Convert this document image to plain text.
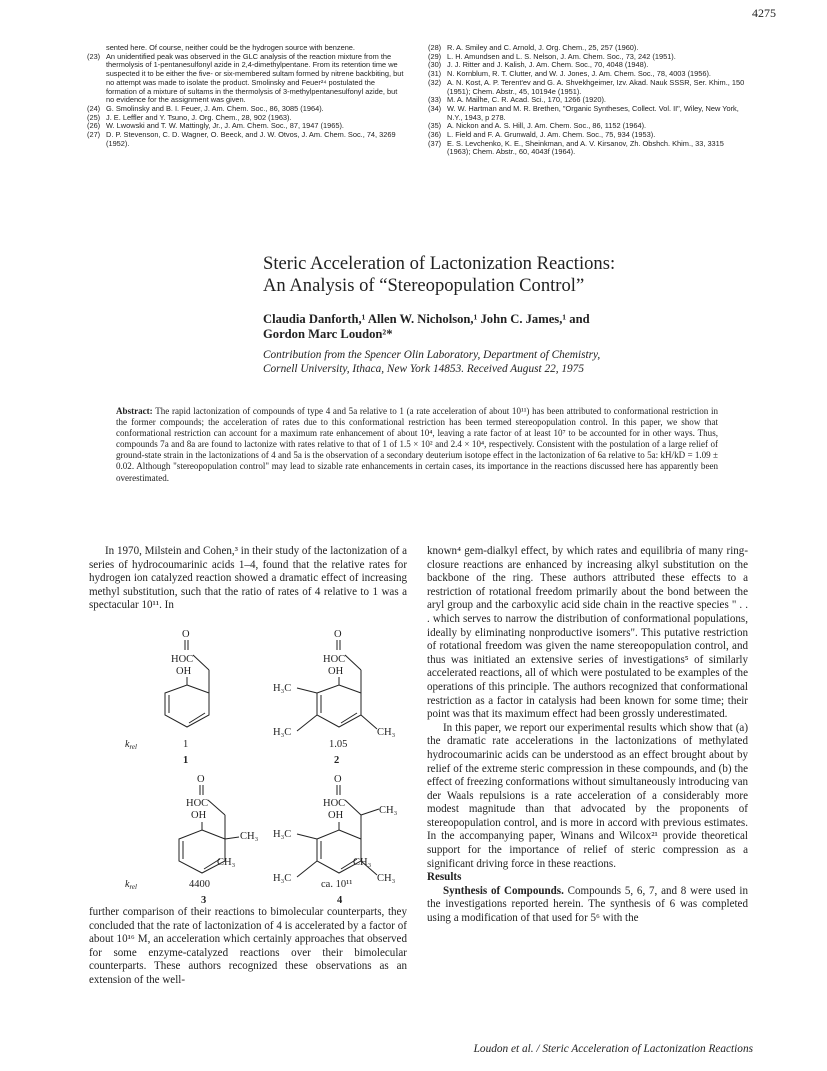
4275
sented here. Of course, neither could be the hydrogen source with benzene.
(23) An unidentified peak was observed in the GLC analysis of the reaction mixture from the thermolysis of 1-pentanesulfonyl azide in 2,4-dimethylpentane. From its retention time we suspected it to be either the five- or six-membered sultam formed by nitrene backbiting, but no attempt was made to isolate the product. Smolinsky and Feuer²⁴ postulated the formation of a mixture of sultams in the thermolysis of 3-methylpentanesulfonyl azide, but no evidence for the assignment was given.
(24) G. Smolinsky and B. I. Feuer, J. Am. Chem. Soc., 86, 3085 (1964).
(25) J. E. Leffler and Y. Tsuno, J. Org. Chem., 28, 902 (1963).
(26) W. Lwowski and T. W. Mattingly, Jr., J. Am. Chem. Soc., 87, 1947 (1965).
(27) D. P. Stevenson, C. D. Wagner, O. Beeck, and J. W. Otvos, J. Am. Chem. Soc., 74, 3269 (1952).
(28) R. A. Smiley and C. Arnold, J. Org. Chem., 25, 257 (1960).
(29) L. H. Amundsen and L. S. Nelson, J. Am. Chem. Soc., 73, 242 (1951).
(30) J. J. Ritter and J. Kalish, J. Am. Chem. Soc., 70, 4048 (1948).
(31) N. Kornblum, R. T. Clutter, and W. J. Jones, J. Am. Chem. Soc., 78, 4003 (1956).
(32) A. N. Kost, A. P. Terent'ev and G. A. Shvekhgeimer, Izv. Akad. Nauk SSSR, Ser. Khim., 150 (1951); Chem. Abstr., 45, 10194e (1951).
(33) M. A. Mailhe, C. R. Acad. Sci., 170, 1266 (1920).
(34) W. W. Hartman and M. R. Brethen, "Organic Syntheses, Collect. Vol. II", Wiley, New York, N.Y., 1943, p 278.
(35) A. Nickon and A. S. Hill, J. Am. Chem. Soc., 86, 1152 (1964).
(36) L. Field and F. A. Grunwald, J. Am. Chem. Soc., 75, 934 (1953).
(37) E. S. Levchenko, K. E., Sheinkman, and A. V. Kirsanov, Zh. Obshch. Khim., 33, 3315 (1963); Chem. Abstr., 60, 4043f (1964).
Steric Acceleration of Lactonization Reactions:
An Analysis of “Stereopopulation Control”
Claudia Danforth,¹ Allen W. Nicholson,¹ John C. James,¹ and
Gordon Marc Loudon²*
Contribution from the Spencer Olin Laboratory, Department of Chemistry,
Cornell University, Ithaca, New York 14853. Received August 22, 1975
Abstract: The rapid lactonization of compounds of type 4 and 5a relative to 1 (a rate acceleration of about 10¹¹) has been attributed to conformational restriction in the former compounds; the acceleration of rates due to this conformational restriction has been termed stereopopulation control. In this paper, we show that conformational restriction can account for a maximum rate enhancement of about 10⁴, leaving a rate factor of at least 10⁷ to be accounted for in other ways. Thus, compounds 7a and 8a are found to lactonize with rates relative to that of 1 of 1.5 × 10² and 2.4 × 10⁴, respectively. Consistent with the postulation of a large relief of ground-state strain in the lactonizations of 4 and 5a is the observation of a secondary deuterium isotope effect in the lactonization of 6a relative to 5a: kH/kD = 1.09 ± 0.02. Although "stereopopulation control" may lead to sizable rate enhancements in certain cases, its importance in the reactions discussed here has apparently been overestimated.

In 1970, Milstein and Cohen,³ in their study of the lactonization of a series of hydrocoumarinic acids 1–4, found that the relative rates for hydrogen ion catalyzed reaction showed a dramatic effect of increasing methyl substitution, such that the ratio of rates of 4 relative to 1 was a spectacular 10¹¹. In

O
HOC
OH
O
HOC
OH
H₃C
H₃C	CH₃
$k_{rel}$	1	1.05
1	2
O
HOC
OH
CH₃
CH₃
O
HOC
OH	CH₃
CH₃
H₃C
H₃C	CH₃
$k_{rel}$	4400	ca. 10¹¹
3	4

further comparison of their reactions to bimolecular counterparts, they concluded that the rate of lactonization of 4 is accelerated by a factor of about 10¹⁶ M, an acceleration which certainly approaches that observed for some enzyme-catalyzed reactions over their bimolecular counterparts. These authors recognized these observations as an extension of the well-

known⁴ gem-dialkyl effect, by which rates and equilibria of many ring-closure reactions are enhanced by increasing alkyl substitution on the backbone of the ring. These authors attributed these effects to a restriction of rotational freedom primarily about the bond between the aryl group and the carboxylic acid side chain in the reactive species " . . . which serves to narrow the distribution of conformational populations, ideally by eliminating nonproductive isomers". This putative restriction of rotational freedom was given the name stereopopulation control, and thus was initiated an extensive series of investigations⁵ of similarly accelerated reactions, all of which were postulated to be examples of the operations of this principle. The authors recognized that conformational restriction as a factor in catalysis had been known for some time; their point was that its maximum effect had been grossly underestimated.

In this paper, we report our experimental results which show that (a) the dramatic rate accelerations in the lactonizations of methylated hydrocoumarinic acids can be understood as an effect brought about by relief of the extreme steric compression in these compounds, and (b) the effect of freezing conformations without simultaneously introducing van der Waals repulsions is a rate acceleration of a considerably more modest magnitude than that advocated by the proponents of stereopopulation control, and is more in accord with previous estimates. In the accompanying paper, Winans and Wilcox²¹ provide theoretical support for the importance of relief of steric compression as a significant driving force in these reactions.

Results

Synthesis of Compounds. Compounds 5, 6, 7, and 8 were used in the investigations reported herein. The synthesis of 6 was completed using a modification of that used for 5⁶ with the

Loudon et al. / Steric Acceleration of Lactonization Reactions
